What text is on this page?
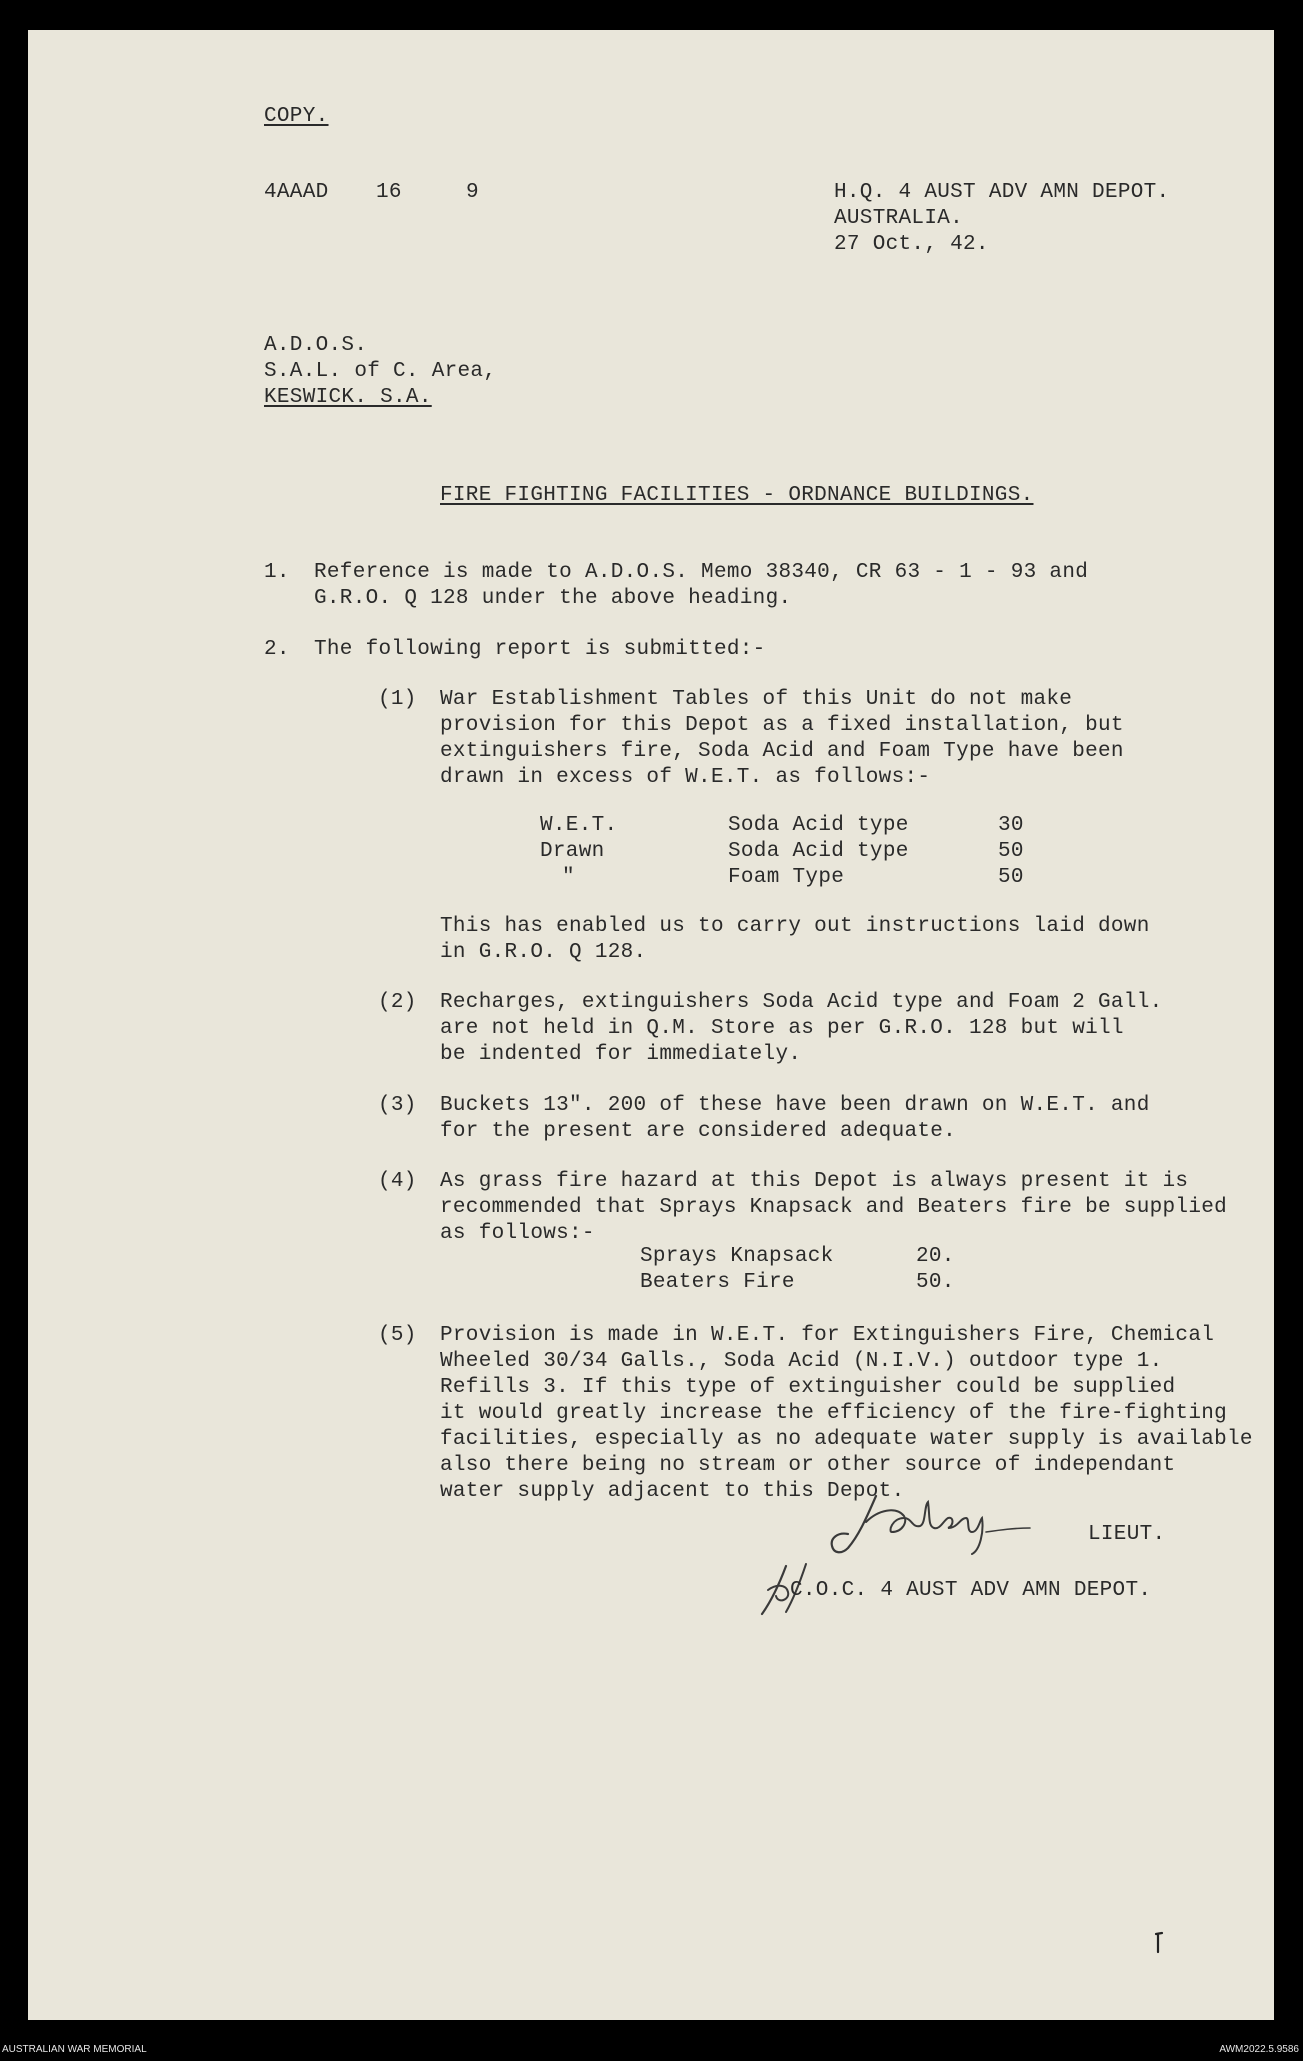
COPY.
4AAAD 16	9	H.Q. 4 AUST ADV AMN DEPOT.
AUSTRALIA.
27 Oct., 42.
A.D.O.S.
S.A.L. of C. Area,
KESWICK. S.A.
FIRE FIGHTING FACILITIES - ORDNANCE BUILDINGS.
1. Reference is made to A.D.O.S. Memo 38340, CR 63 - 1 - 93 and
G.R.O. Q 128 under the above heading.
2. The following report is submitted:-
(1) War Establishment Tables of this Unit do not make
provision for this Depot as a fixed installation, but
extinguishers fire, Soda Acid and Foam Type have been
drawn in excess of W.E.T. as follows:-
W.E.T.	Soda Acid type	30
Drawn	Soda Acid type	50
"	Foam Type	50
This has enabled us to carry out instructions laid down
in G.R.O. Q 128.
(2) Recharges, extinguishers Soda Acid type and Foam 2 Gall.
are not held in Q.M. Store as per G.R.O. 128 but will
be indented for immediately.
(3) Buckets 13". 200 of these have been drawn on W.E.T. and
for the present are considered adequate.
(4) As grass fire hazard at this Depot is always present it is
recommended that Sprays Knapsack and Beaters fire be supplied
as follows:-
Sprays Knapsack	20.
Beaters Fire	50.
(5) Provision is made in W.E.T. for Extinguishers Fire, Chemical
Wheeled 30/34 Galls., Soda Acid (N.I.V.) outdoor type 1.
Refills 3. If this type of extinguisher could be supplied
it would greatly increase the efficiency of the fire-fighting
facilities, especially as no adequate water supply is available
also there being no stream or other source of independant
water supply adjacent to this Depot.
LIEUT.
C.O.C. 4 AUST ADV AMN DEPOT.
AUSTRALIAN WAR MEMORIAL	AWM2022.5.9586
